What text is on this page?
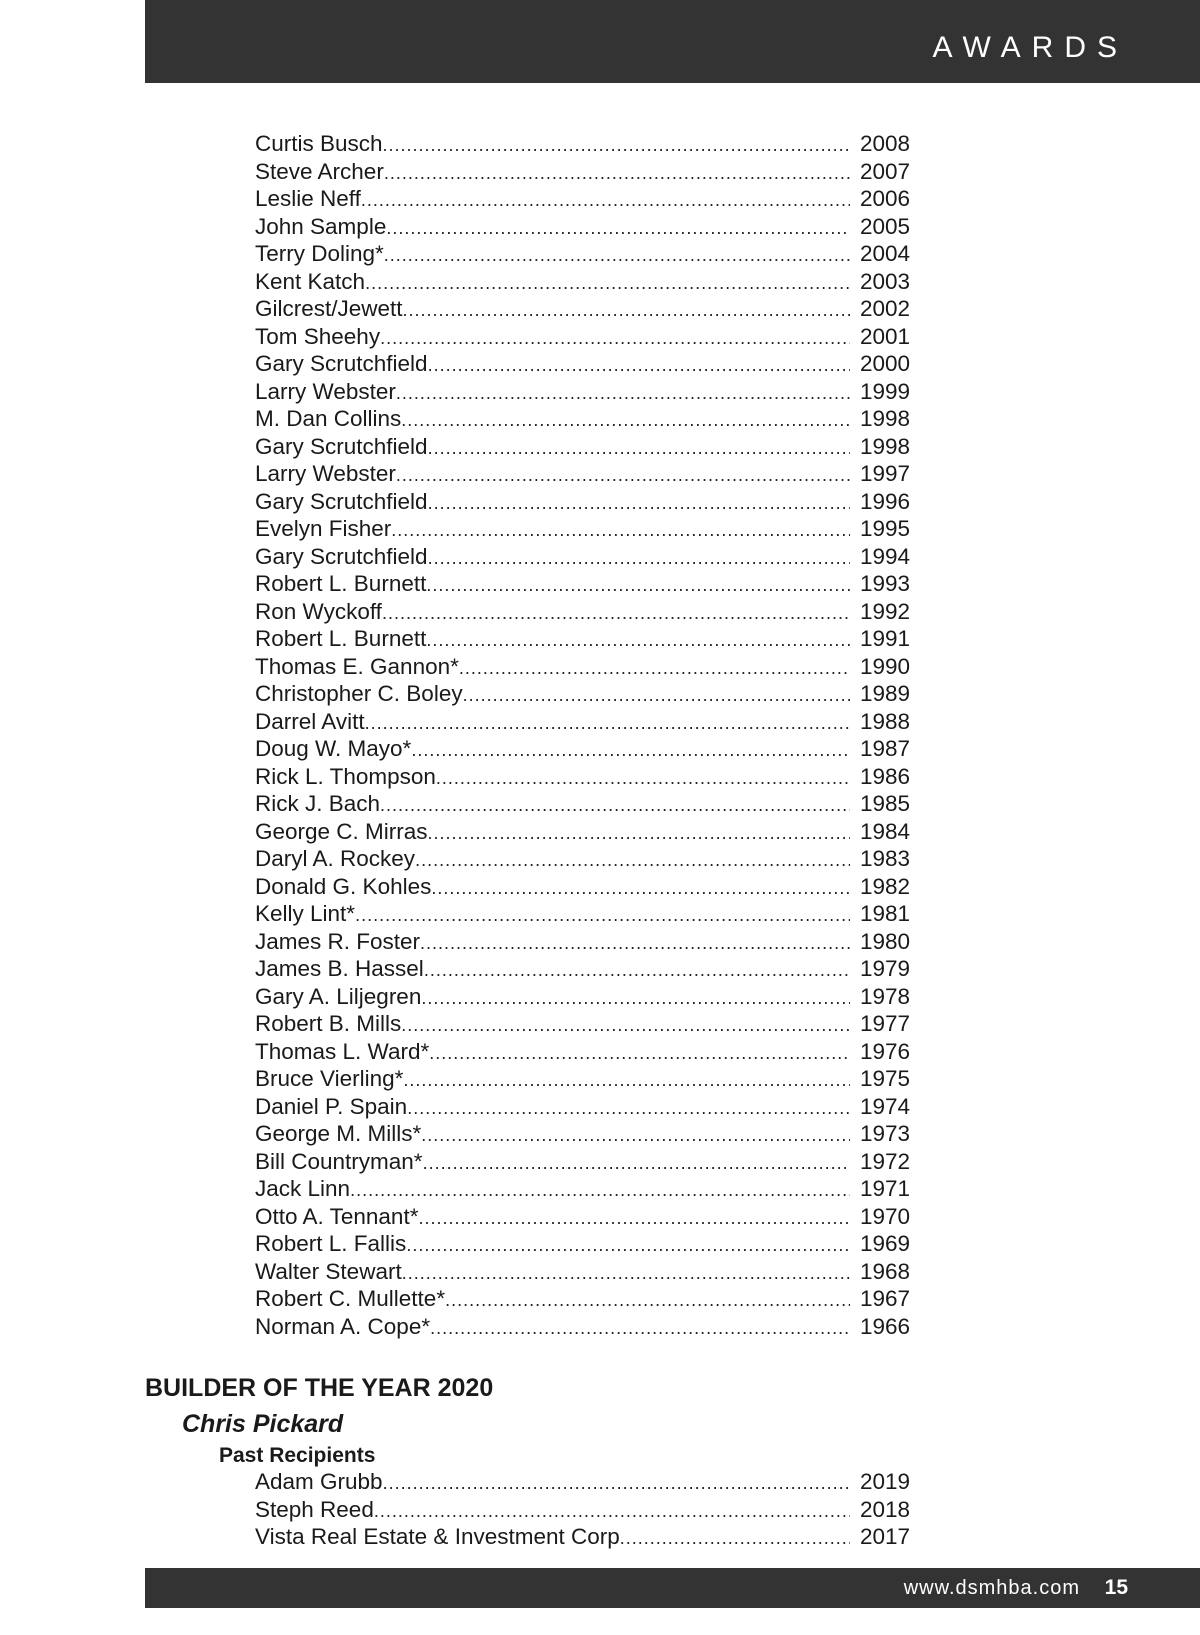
AWARDS
Curtis Busch .....	2008
Steve Archer .....	2007
Leslie Neff .....	2006
John Sample .....	2005
Terry Doling* .....	2004
Kent Katch .....	2003
Gilcrest/Jewett .....	2002
Tom Sheehy .....	2001
Gary Scrutchfield .....	2000
Larry Webster .....	1999
M. Dan Collins .....	1998
Gary Scrutchfield .....	1998
Larry Webster .....	1997
Gary Scrutchfield .....	1996
Evelyn Fisher .....	1995
Gary Scrutchfield .....	1994
Robert L. Burnett .....	1993
Ron Wyckoff .....	1992
Robert L. Burnett .....	1991
Thomas E. Gannon* .....	1990
Christopher C. Boley .....	1989
Darrel Avitt .....	1988
Doug W. Mayo* .....	1987
Rick L. Thompson .....	1986
Rick J. Bach .....	1985
George C. Mirras .....	1984
Daryl A. Rockey .....	1983
Donald G. Kohles .....	1982
Kelly Lint* .....	1981
James R. Foster .....	1980
James B. Hassel .....	1979
Gary A. Liljegren .....	1978
Robert B. Mills .....	1977
Thomas L. Ward* .....	1976
Bruce Vierling* .....	1975
Daniel P. Spain .....	1974
George M. Mills* .....	1973
Bill Countryman* .....	1972
Jack Linn .....	1971
Otto A. Tennant* .....	1970
Robert L. Fallis .....	1969
Walter Stewart .....	1968
Robert C. Mullette* .....	1967
Norman A. Cope* .....	1966
BUILDER OF THE YEAR 2020
Chris Pickard
Past Recipients
Adam Grubb .....	2019
Steph Reed .....	2018
Vista Real Estate & Investment Corp .....	2017
www.dsmhba.com 15
